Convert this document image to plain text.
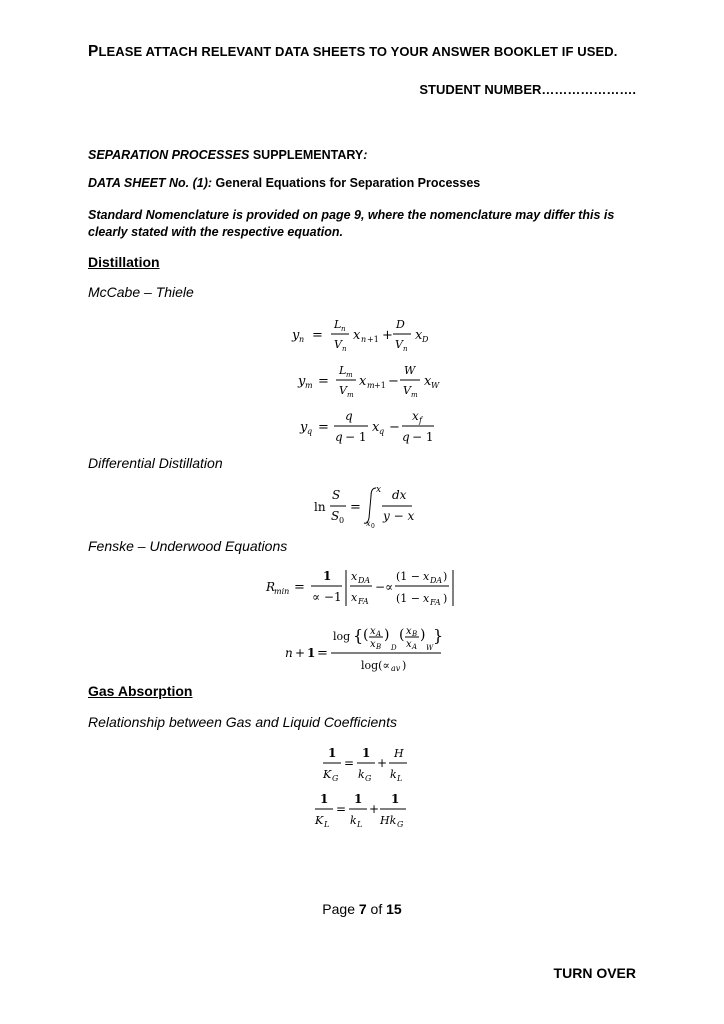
PLEASE ATTACH RELEVANT DATA SHEETS TO YOUR ANSWER BOOKLET IF USED.
STUDENT NUMBER………………….
SEPARATION PROCESSES SUPPLEMENTARY:
DATA SHEET No. (1): General Equations for Separation Processes
Standard Nomenclature is provided on page 9, where the nomenclature may differ this is clearly stated with the respective equation.
Distillation
McCabe – Thiele
y n =
L n
V n
x n +1 +
D
V n
x D
y m =
L m
V m
x m +1 −
W
V m
x W
y q =
q
q − 1
x q −
x f
q − 1
Differential Distillation
ln
S
S 0
=
x
x 0
dx
y − x
Fenske – Underwood Equations
R
min =
1
∝ −1
x DA
x FA
−∝
(1 − x DA )
(1 − x FA )
n + 1 =
log { ( x A
x B
)
D
( x B
x A
)
W
}
log(∝ av )
Gas Absorption
Relationship between Gas and Liquid Coefficients
1
K G
=
1
k G
+
H
k L
1
K L
=
1
k L
+
1
Hk G
Page 7 of 15
TURN OVER
